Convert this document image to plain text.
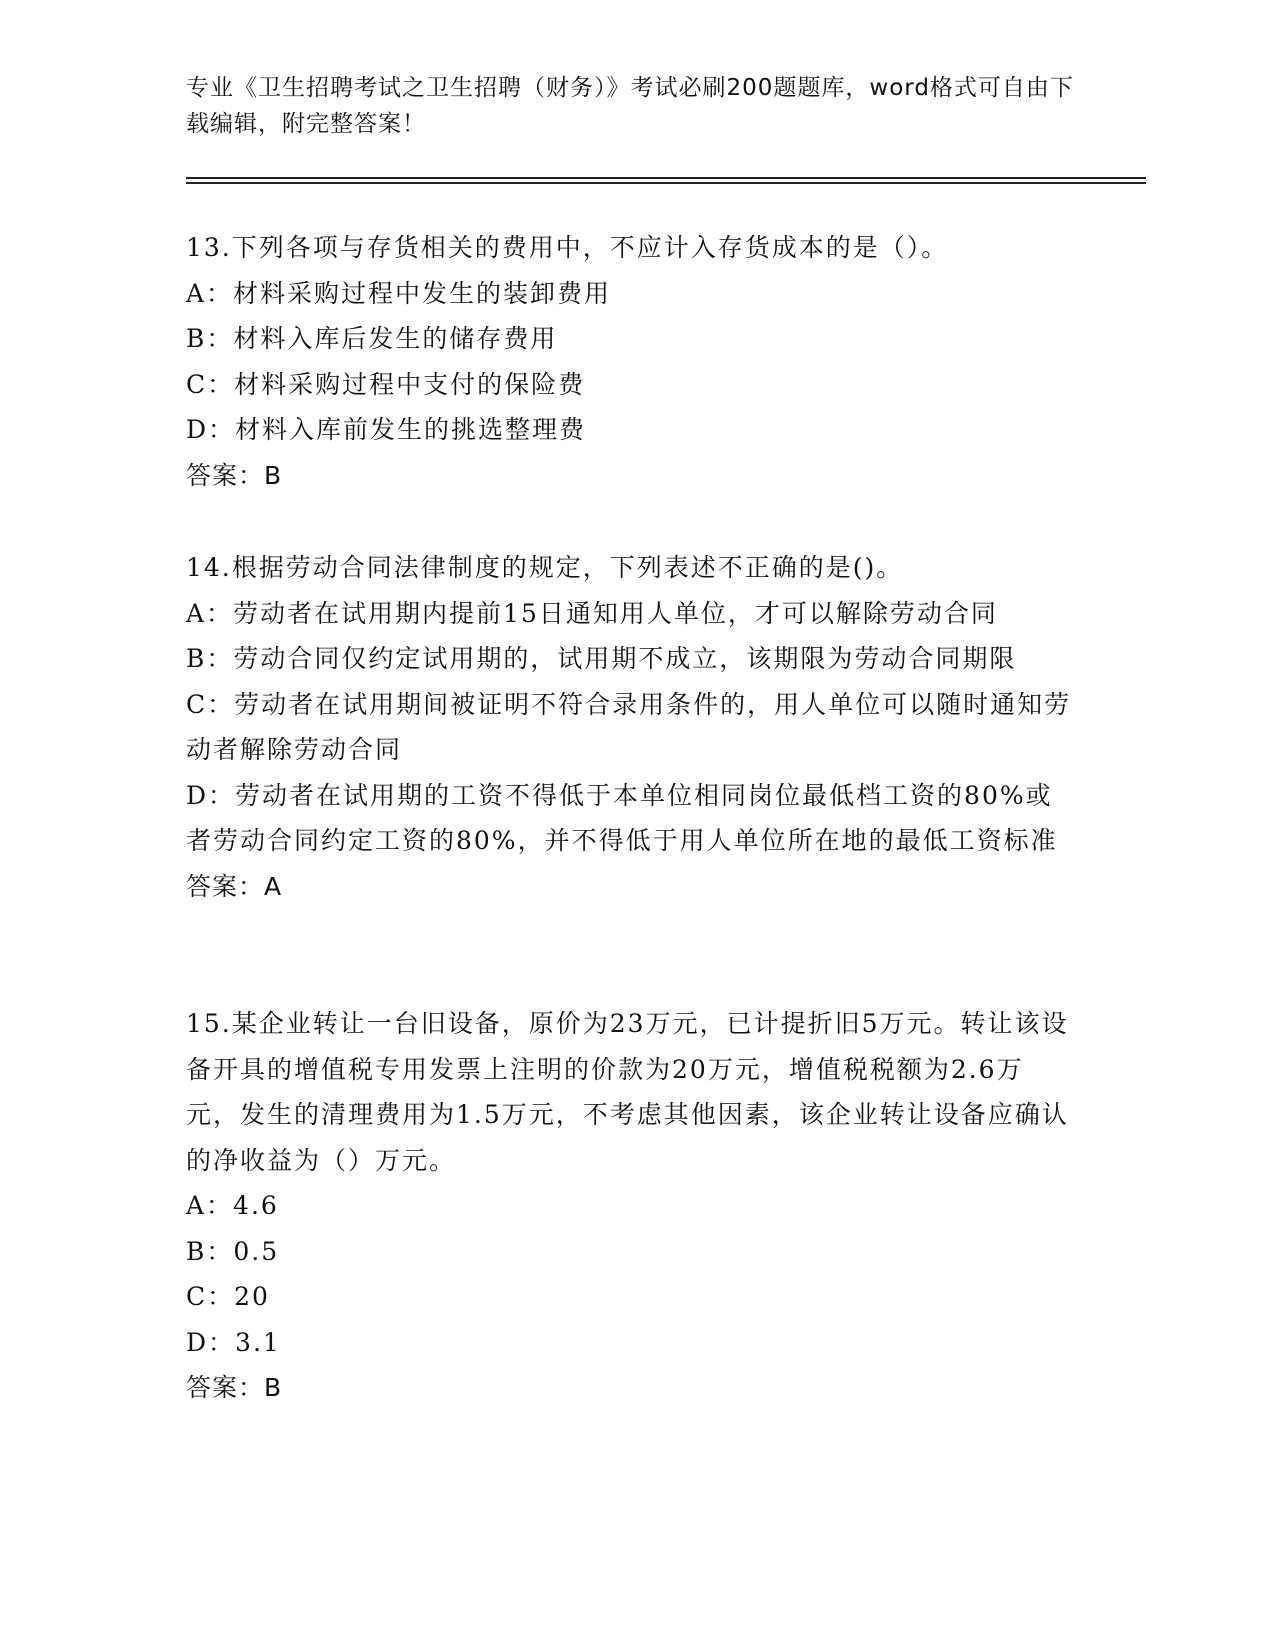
专业《卫生招聘考试之卫生招聘（财务）》考试必刷200题题库，word格式可自由下载编辑，附完整答案！

13.下列各项与存货相关的费用中，不应计入存货成本的是（）。

A：材料采购过程中发生的装卸费用

B：材料入库后发生的储存费用

C：材料采购过程中支付的保险费

D：材料入库前发生的挑选整理费

答案：B

14.根据劳动合同法律制度的规定，下列表述不正确的是()。

A：劳动者在试用期内提前15日通知用人单位，才可以解除劳动合同

B：劳动合同仅约定试用期的，试用期不成立，该期限为劳动合同期限

C：劳动者在试用期间被证明不符合录用条件的，用人单位可以随时通知劳动者解除劳动合同

D：劳动者在试用期的工资不得低于本单位相同岗位最低档工资的80%或者劳动合同约定工资的80%，并不得低于用人单位所在地的最低工资标准

答案：A

15.某企业转让一台旧设备，原价为23万元，已计提折旧5万元。转让该设备开具的增值税专用发票上注明的价款为20万元，增值税税额为2.6万元，发生的清理费用为1.5万元，不考虑其他因素，该企业转让设备应确认的净收益为（）万元。

A：4.6

B：0.5

C：20

D：3.1

答案：B
